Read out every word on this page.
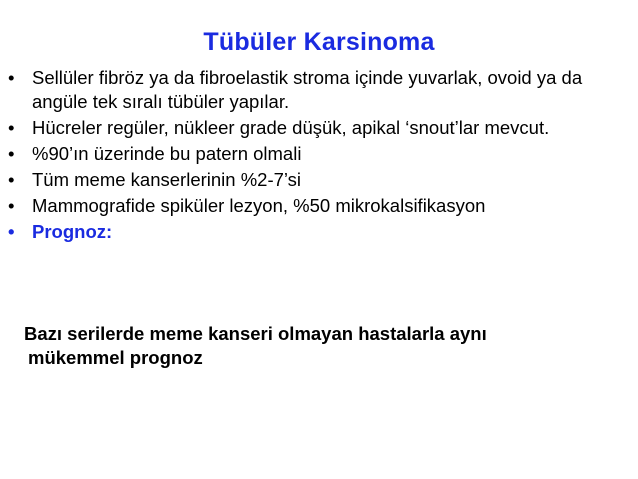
Tübüler Karsinoma
• Sellüler fibröz ya da fibroelastik stroma içinde yuvarlak, ovoid ya da angüle tek sıralı tübüler yapılar.
• Hücreler regüler, nükleer grade düşük, apikal ‘snout’lar mevcut.
• %90’ın üzerinde bu patern olmali
• Tüm meme kanserlerinin %2-7’si
• Mammografide spiküler lezyon, %50 mikrokalsifikasyon
• Prognoz:
Bazı serilerde meme kanseri olmayan hastalarla aynı
mükemmel prognoz
